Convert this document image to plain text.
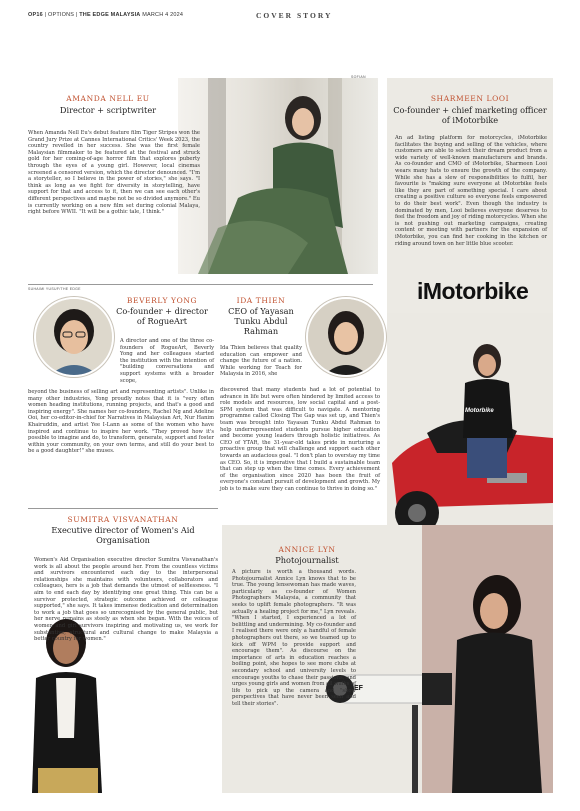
OP16 | OPTIONS | THE EDGE MALAYSIA MARCH 4 2024	COVER STORY
SOFIAN
AMANDA NELL EU
Director + scriptwriter
When Amanda Nell Eu's debut feature film Tiger Stripes won the Grand Jury Prize at Cannes International Critics' Week 2023, the country revelled in her success. She was the first female Malaysian filmmaker to be featured at the festival and struck gold for her coming-of-age horror film that explores puberty through the eyes of a young girl. However, local cinemas screened a censored version, which the director denounced. "I'm a storyteller, so I believe in the power of stories," she says. "I think as long as we fight for diversity in storytelling, have support for that and access to it, then we can see each other's different perspectives and maybe not be so divided anymore." Eu is currently working on a new film set during colonial Malaya, right before WWII. "It will be a gothic tale, I think."
SHARMEEN LOOI
Co-founder + chief marketing officer of iMotorbike
An ad listing platform for motorcycles, iMotorbike facilitates the buying and selling of the vehicles, where customers are able to select their dream product from a wide variety of well-known manufacturers and brands. As co-founder and CMO of iMotorbike, Sharmeen Looi wears many hats to ensure the growth of the company. While she has a slew of responsibilities to fulfil, her favourite is "making sure everyone at iMotorbike feels like they are part of something special. I care about creating a positive culture so everyone feels empowered to do their best work". Even though the industry is dominated by men, Looi believes everyone deserves to feel the freedom and joy of riding motorcycles. When she is not pushing out marketing campaigns, creating content or meeting with partners for the expansion of iMotorbike, you can find her cooking in the kitchen or riding around town on her little blue scooter.
iMotorbike
Motorbike
SUHAIMI YUSUF/THE EDGE
BEVERLY YONG
Co-founder + director of RogueArt
A director and one of the three co-founders of RogueArt, Beverly Yong and her colleagues started the institution with the intention of "building conversations and support systems with a broader scope,
beyond the business of selling art and representing artists". Unlike in many other industries, Yong proudly notes that it is "very often women heading institutions, running projects, and that's a good and inspiring energy". She names her co-founders, Rachel Ng and Adeline Ooi, her co-editor-in-chief for Narratives in Malaysian Art, Nur Hanim Khairuddin, and artist Yee I-Lann as some of the women who have inspired and continue to inspire her work. "They proved how it's possible to imagine and do, to transform, generate, support and foster within your community, on your own terms, and still do your best to be a good daughter!" she muses.
IDA THIEN
CEO of Yayasan Tunku Abdul Rahman
Ida Thien believes that quality education can empower and change the future of a nation. While working for Teach for Malaysia in 2016, she
discovered that many students had a lot of potential to advance in life but were often hindered by limited access to role models and resources, low social capital and a post-SPM system that was difficult to navigate. A mentoring programme called Closing The Gap was set up, and Thien's team was brought into Yayasan Tunku Abdul Rahman to help underrepresented students pursue higher education and become young leaders through holistic initiatives. As CEO of YTAR, the 31-year-old takes pride in nurturing a proactive group that will challenge and support each other towards an audacious goal. "I don't plan to overstay my time as CEO. So, it is imperative that I build a sustainable team that can step up when the time comes. Every achievement of the organisation since 2020 has been the fruit of everyone's constant pursuit of development and growth. My job is to make sure they can continue to thrive in doing so."
SUMITRA VISVANATHAN
Executive director of Women's Aid Organisation
Women's Aid Organisation executive director Sumitra Visvanathan's work is all about the people around her. From the countless victims and survivors encountered each day to the interpersonal relationships she maintains with volunteers, collaborators and colleagues, hers is a job that demands the utmost of selflessness. "I aim to end each day by identifying one great thing. This can be a survivor protected, strategic outcome achieved or colleague supported," she says. It takes immense dedication and determination to work a job that goes so unrecognised by the general public, but her nerve remains as steely as when she began. With the voices of women and girl survivors inspiring and motivating us, we work for substantive, structural and cultural change to make Malaysia a better country for women."
EF
ANNICE LYN
Photojournalist
A picture is worth a thousand words. Photojournalist Annice Lyn knows that to be true. The young lensewoman has made waves, particularly as co-founder of Women Photographers Malaysia, a community that seeks to uplift female photographers. "It was actually a healing project for me," Lyn reveals. "When I started, I experienced a lot of belittling and undermining. My co-founder and I realised there were only a handful of female photographers out there, so we teamed up to kick off WPM to provide support and encourage them". As discourse on the importance of arts in education reaches a boiling point, she hopes to see more clubs at secondary school and university levels to encourage youths to chase their passions, and urges young girls and women from all walks of life to pick up the camera and "show perspectives that have never been seen and tell their stories".
